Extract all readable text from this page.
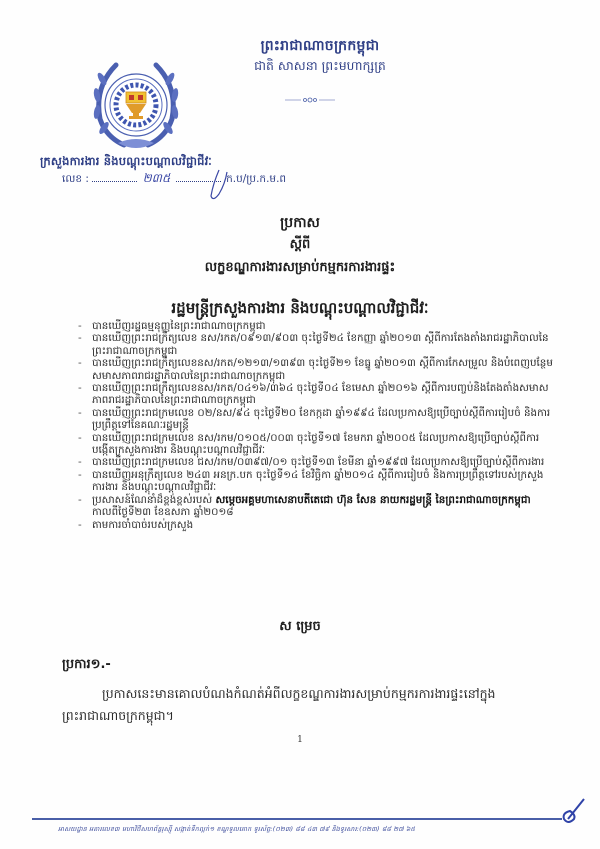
ព្រះរាជាណាចក្រកម្ពុជា
ជាតិ សាសនា ព្រះមហាក្សត្រ
ក្រសួងការងារ និងបណ្តុះបណ្តាលវិជ្ជាជីវៈ
លេខ :	២៣៥	ក.ប/ប្រ.ក.ម.ព
ប្រកាស
ស្តីពី
លក្ខខណ្ឌការងារសម្រាប់កម្មករការងារផ្ទះ
រដ្ឋមន្ត្រីក្រសួងការងារ និងបណ្តុះបណ្តាលវិជ្ជាជីវៈ
- បានឃើញរដ្ឋធម្មនុញ្ញនៃព្រះរាជាណាចក្រកម្ពុជា
- បានឃើញព្រះរាជក្រឹត្យលេខ នស/រកត/០៩១៣/៩០៣ ចុះថ្ងៃទី២៤ ខែកញ្ញា ឆ្នាំ២០១៣ ស្តីពីការតែងតាំងរាជរដ្ឋាភិបាលនៃព្រះរាជាណាចក្រកម្ពុជា
- បានឃើញព្រះរាជក្រឹត្យលេខនស/រកត/១២១៣/១៣៩៣ ចុះថ្ងៃទី២១ ខែធ្នូ ឆ្នាំ២០១៣ ស្តីពីការកែសម្រួល និងបំពេញបន្ថែមសមាសភាពរាជរដ្ឋាភិបាលនៃព្រះរាជាណាចក្រកម្ពុជា
- បានឃើញព្រះរាជក្រឹត្យលេខនស/រកត/០៤១៦/៣៦៤ ចុះថ្ងៃទី០៤ ខែមេសា ឆ្នាំ២០១៦ ស្តីពីការបញ្ចប់និងតែងតាំងសមាសភាពរាជរដ្ឋាភិបាលនៃព្រះរាជាណាចក្រកម្ពុជា
- បានឃើញព្រះរាជក្រមលេខ ០២/នស/៩៤ ចុះថ្ងៃទី២០ ខែកក្កដា ឆ្នាំ១៩៩៤ ដែលប្រកាសឱ្យប្រើច្បាប់ស្តីពីការរៀបចំ និងការប្រព្រឹត្តទៅនៃគណៈរដ្ឋមន្ត្រី
- បានឃើញព្រះរាជក្រមលេខ នស/រកម/០១០៥/០០៣ ចុះថ្ងៃទី១៧ ខែមករា ឆ្នាំ២០០៥ ដែលប្រកាសឱ្យប្រើច្បាប់ស្តីពីការបង្កើតក្រសួងការងារ និងបណ្តុះបណ្តាលវិជ្ជាជីវៈ
- បានឃើញព្រះរាជក្រមលេខ ជស/រកម/០៣៩៧/០១ ចុះថ្ងៃទី១៣ ខែមីនា ឆ្នាំ១៩៩៧ ដែលប្រកាសឱ្យប្រើច្បាប់ស្តីពីការងារ
- បានឃើញអនុក្រឹត្យលេខ ២៤៣ អនក្រ.បក ចុះថ្ងៃទី១៤ ខែវិច្ឆិកា ឆ្នាំ២០១៤ ស្តីពីការរៀបចំ និងការប្រព្រឹត្តទៅរបស់ក្រសួងការងារ និងបណ្តុះបណ្តាលវិជ្ជាជីវៈ
- ប្រសាសន៍ណែនាំដ៏ខ្ពង់ខ្ពស់របស់ សម្តេចអគ្គមហាសេនាបតីតេជោ ហ៊ុន សែន នាយករដ្ឋមន្ត្រី នៃព្រះរាជាណាចក្រកម្ពុជា កាលពីថ្ងៃទី២៣ ខែឧសភា ឆ្នាំ២០១៨
- តាមការចាំបាច់របស់ក្រសួង
ស ម្រេច
ប្រការ១.-
ប្រកាសនេះមានគោលបំណងកំណត់អំពីលក្ខខណ្ឌការងារសម្រាប់កម្មករការងារផ្ទះនៅក្នុងព្រះរាជាណាចក្រកម្ពុជា។
1
អាសយដ្ឋាន អគារលេខ៣ មហាវិថីសហព័ន្ធរុស្ស៊ី សង្កាត់ទឹកល្អក់១ ខណ្ឌទួលគោក ទូរស័ព្ទ:(០២៣) ៨៨ ៤៣ ៧៩ និងទូរសារ:(០២៣) ៨៨ ២៧ ៦៥
